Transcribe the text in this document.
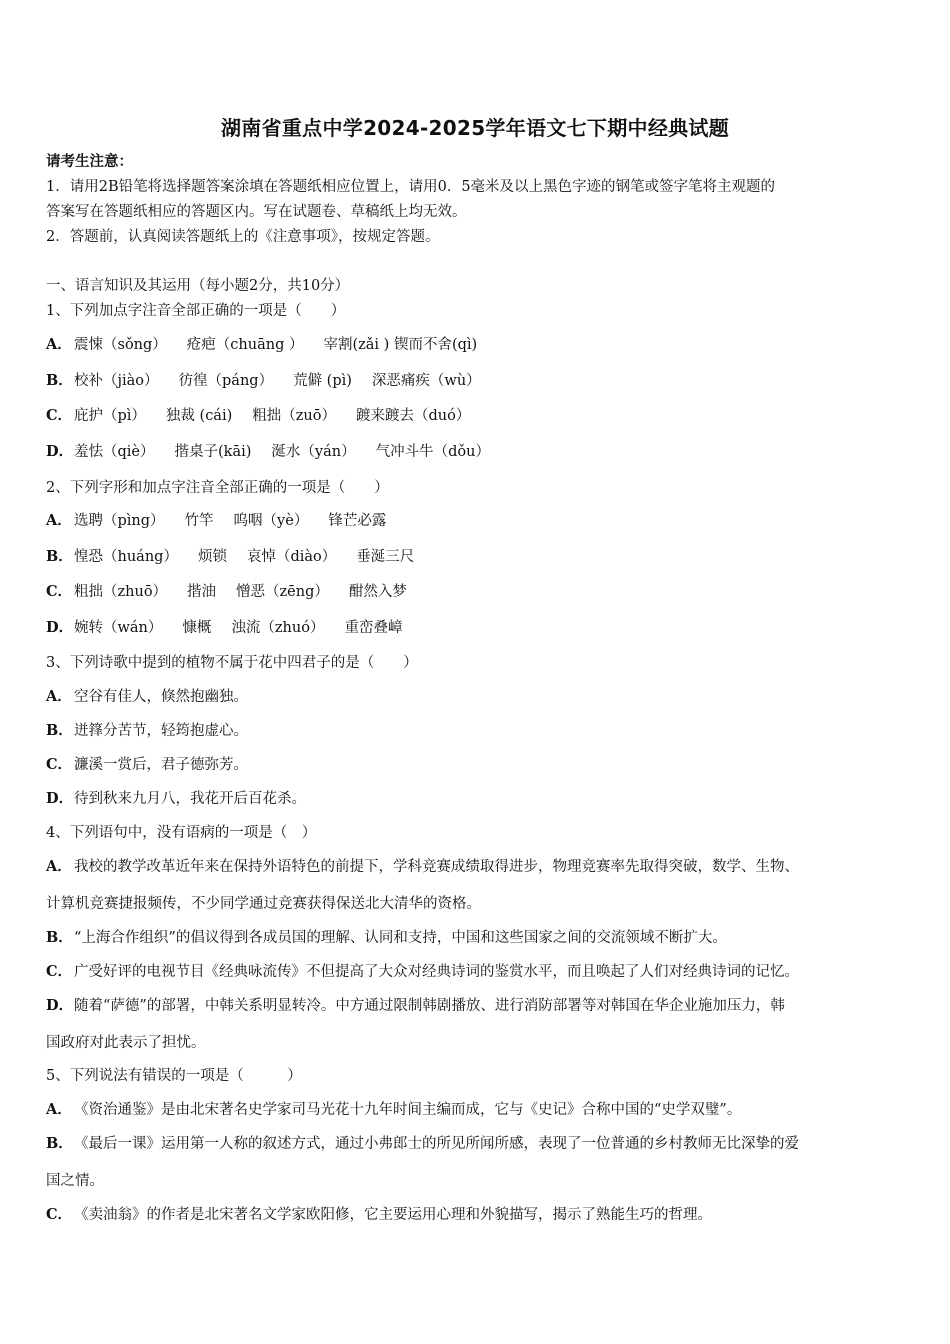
湖南省重点中学2024-2025学年语文七下期中经典试题
请考生注意：
1．请用2B铅笔将选择题答案涂填在答题纸相应位置上，请用0．5毫米及以上黑色字迹的钢笔或签字笔将主观题的
答案写在答题纸相应的答题区内。写在试题卷、草稿纸上均无效。
2．答题前，认真阅读答题纸上的《注意事项》，按规定答题。
一、语言知识及其运用（每小题2分，共10分）
1、下列加点字注音全部正确的一项是（　　）
A． 震悚（sǒng） 疮疤（chuāng ） 宰割(zǎi ) 锲而不舍(qì)
B．校补（jiào） 彷徨（páng） 荒僻 (pì) 深恶痛疾（wù）
C． 庇护（pì） 独裁 (cái) 粗拙（zuō） 踱来踱去（duó）
D．羞怯（qiè） 揩桌子(kāi) 涎水（yán） 气冲斗牛（dǒu）
2、下列字形和加点字注音全部正确的一项是（　　）
A． 选聘（pìng） 竹竿 呜咽（yè） 锋芒必露
B．惶恐（huáng） 烦锁 哀悼（diào） 垂涎三尺
C． 粗拙（zhuō） 揩油 憎恶（zēng） 酣然入梦
D．婉转（wán） 慷概 浊流（zhuó） 重峦叠嶂
3、下列诗歌中提到的植物不属于花中四君子的是（　　）
A． 空谷有佳人，倏然抱幽独。
B．迸箨分苦节，轻筠抱虚心。
C． 濂溪一赏后，君子德弥芳。
D．待到秋来九月八，我花开后百花杀。
4、下列语句中，没有语病的一项是（　）
A． 我校的教学改革近年来在保持外语特色的前提下，学科竞赛成绩取得进步，物理竞赛率先取得突破，数学、生物、
计算机竞赛捷报频传，不少同学通过竞赛获得保送北大清华的资格。
B．“上海合作组织”的倡议得到各成员国的理解、认同和支持，中国和这些国家之间的交流领域不断扩大。
C． 广受好评的电视节目《经典咏流传》不但提高了大众对经典诗词的鉴赏水平，而且唤起了人们对经典诗词的记忆。
D．随着“萨德”的部署，中韩关系明显转冷。中方通过限制韩剧播放、进行消防部署等对韩国在华企业施加压力，韩
国政府对此表示了担忧。
5、下列说法有错误的一项是（　　　）
A． 《资治通鉴》是由北宋著名史学家司马光花十九年时间主编而成，它与《史记》合称中国的“史学双璧”。
B．《最后一课》运用第一人称的叙述方式，通过小弗郎士的所见所闻所感，表现了一位普通的乡村教师无比深挚的爱
国之情。
C． 《卖油翁》的作者是北宋著名文学家欧阳修，它主要运用心理和外貌描写，揭示了熟能生巧的哲理。
